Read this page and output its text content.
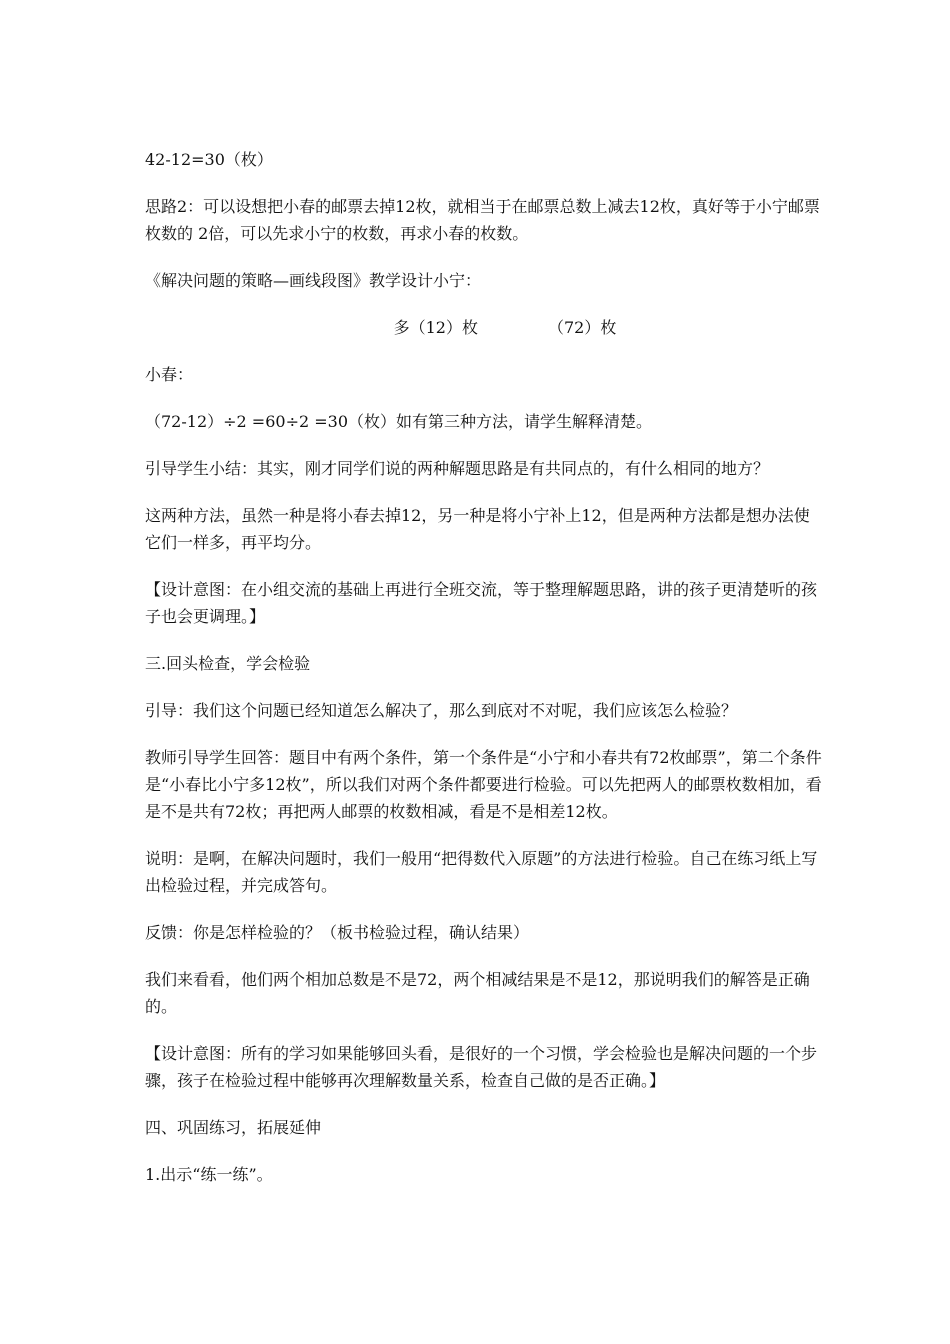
42-12=30（枚）

思路2：可以设想把小春的邮票去掉12枚，就相当于在邮票总数上减去12枚，真好等于小宁邮票枚数的 2倍，可以先求小宁的枚数，再求小春的枚数。

《解决问题的策略—画线段图》教学设计小宁：

多（12）枚	（72）枚

小春：

（72-12）÷2 =60÷2 =30（枚）如有第三种方法，请学生解释清楚。

引导学生小结：其实，刚才同学们说的两种解题思路是有共同点的，有什么相同的地方？

这两种方法，虽然一种是将小春去掉12，另一种是将小宁补上12，但是两种方法都是想办法使它们一样多，再平均分。

【设计意图：在小组交流的基础上再进行全班交流，等于整理解题思路，讲的孩子更清楚听的孩子也会更调理。】

三.回头检查，学会检验

引导：我们这个问题已经知道怎么解决了，那么到底对不对呢，我们应该怎么检验？

教师引导学生回答：题目中有两个条件，第一个条件是“小宁和小春共有72枚邮票”，第二个条件是“小春比小宁多12枚”，所以我们对两个条件都要进行检验。可以先把两人的邮票枚数相加，看是不是共有72枚；再把两人邮票的枚数相减，看是不是相差12枚。

说明：是啊，在解决问题时，我们一般用“把得数代入原题”的方法进行检验。自己在练习纸上写出检验过程，并完成答句。

反馈：你是怎样检验的？（板书检验过程，确认结果）

我们来看看，他们两个相加总数是不是72，两个相减结果是不是12，那说明我们的解答是正确的。

【设计意图：所有的学习如果能够回头看，是很好的一个习惯，学会检验也是解决问题的一个步骤，孩子在检验过程中能够再次理解数量关系，检查自己做的是否正确。】

四、巩固练习，拓展延伸

1.出示“练一练”。
